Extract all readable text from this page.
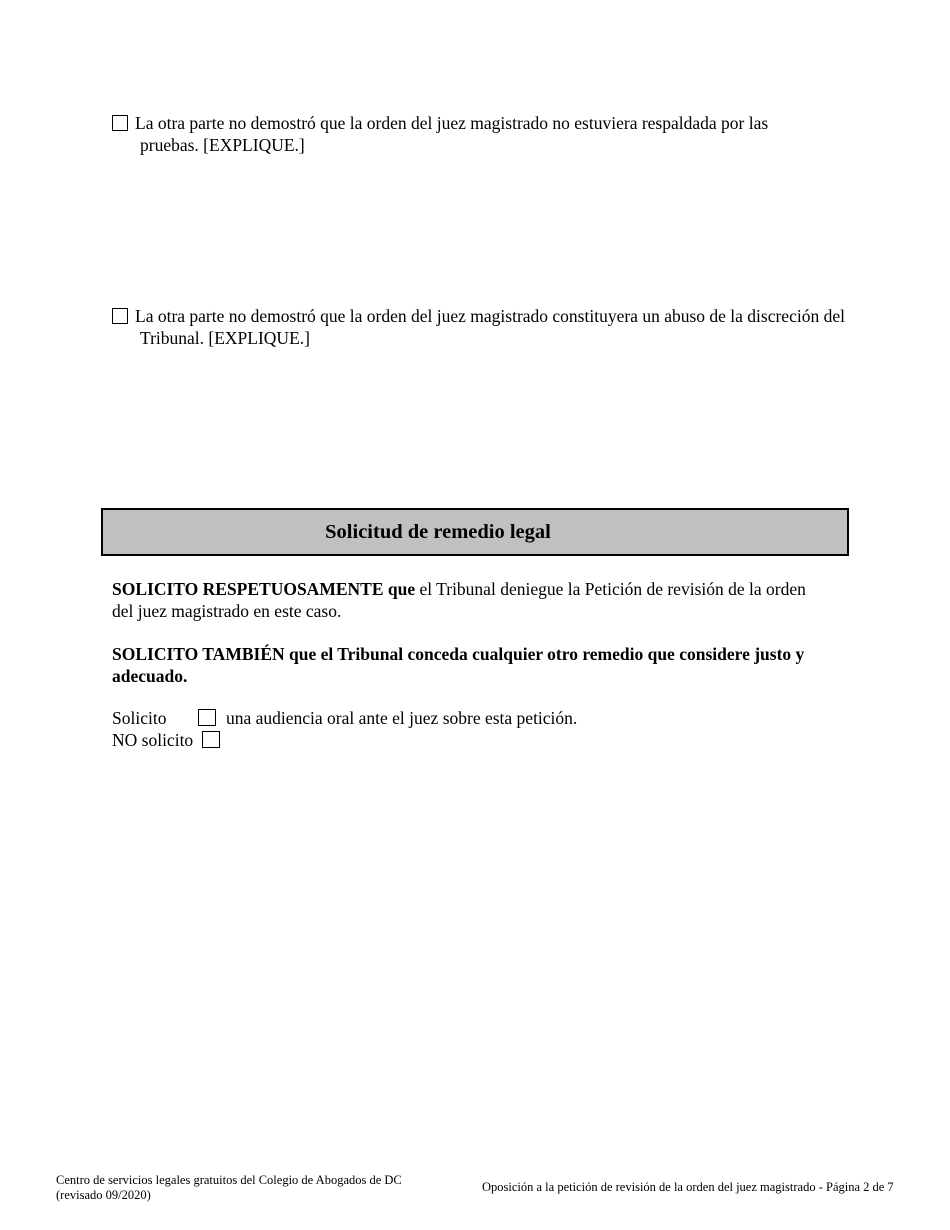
La otra parte no demostró que la orden del juez magistrado no estuviera respaldada por las
pruebas. [EXPLIQUE.]
La otra parte no demostró que la orden del juez magistrado constituyera un abuso de la discreción del
Tribunal. [EXPLIQUE.]
Solicitud de remedio legal
SOLICITO RESPETUOSAMENTE que el Tribunal deniegue la Petición de revisión de la orden
del juez magistrado en este caso.
SOLICITO TAMBIÉN que el Tribunal conceda cualquier otro remedio que considere justo y
adecuado.
Solicito	una audiencia oral ante el juez sobre esta petición.
NO solicito
Centro de servicios legales gratuitos del Colegio de Abogados de DC
(revisado 09/2020)
Oposición a la petición de revisión de la orden del juez magistrado - Página 2 de 7
